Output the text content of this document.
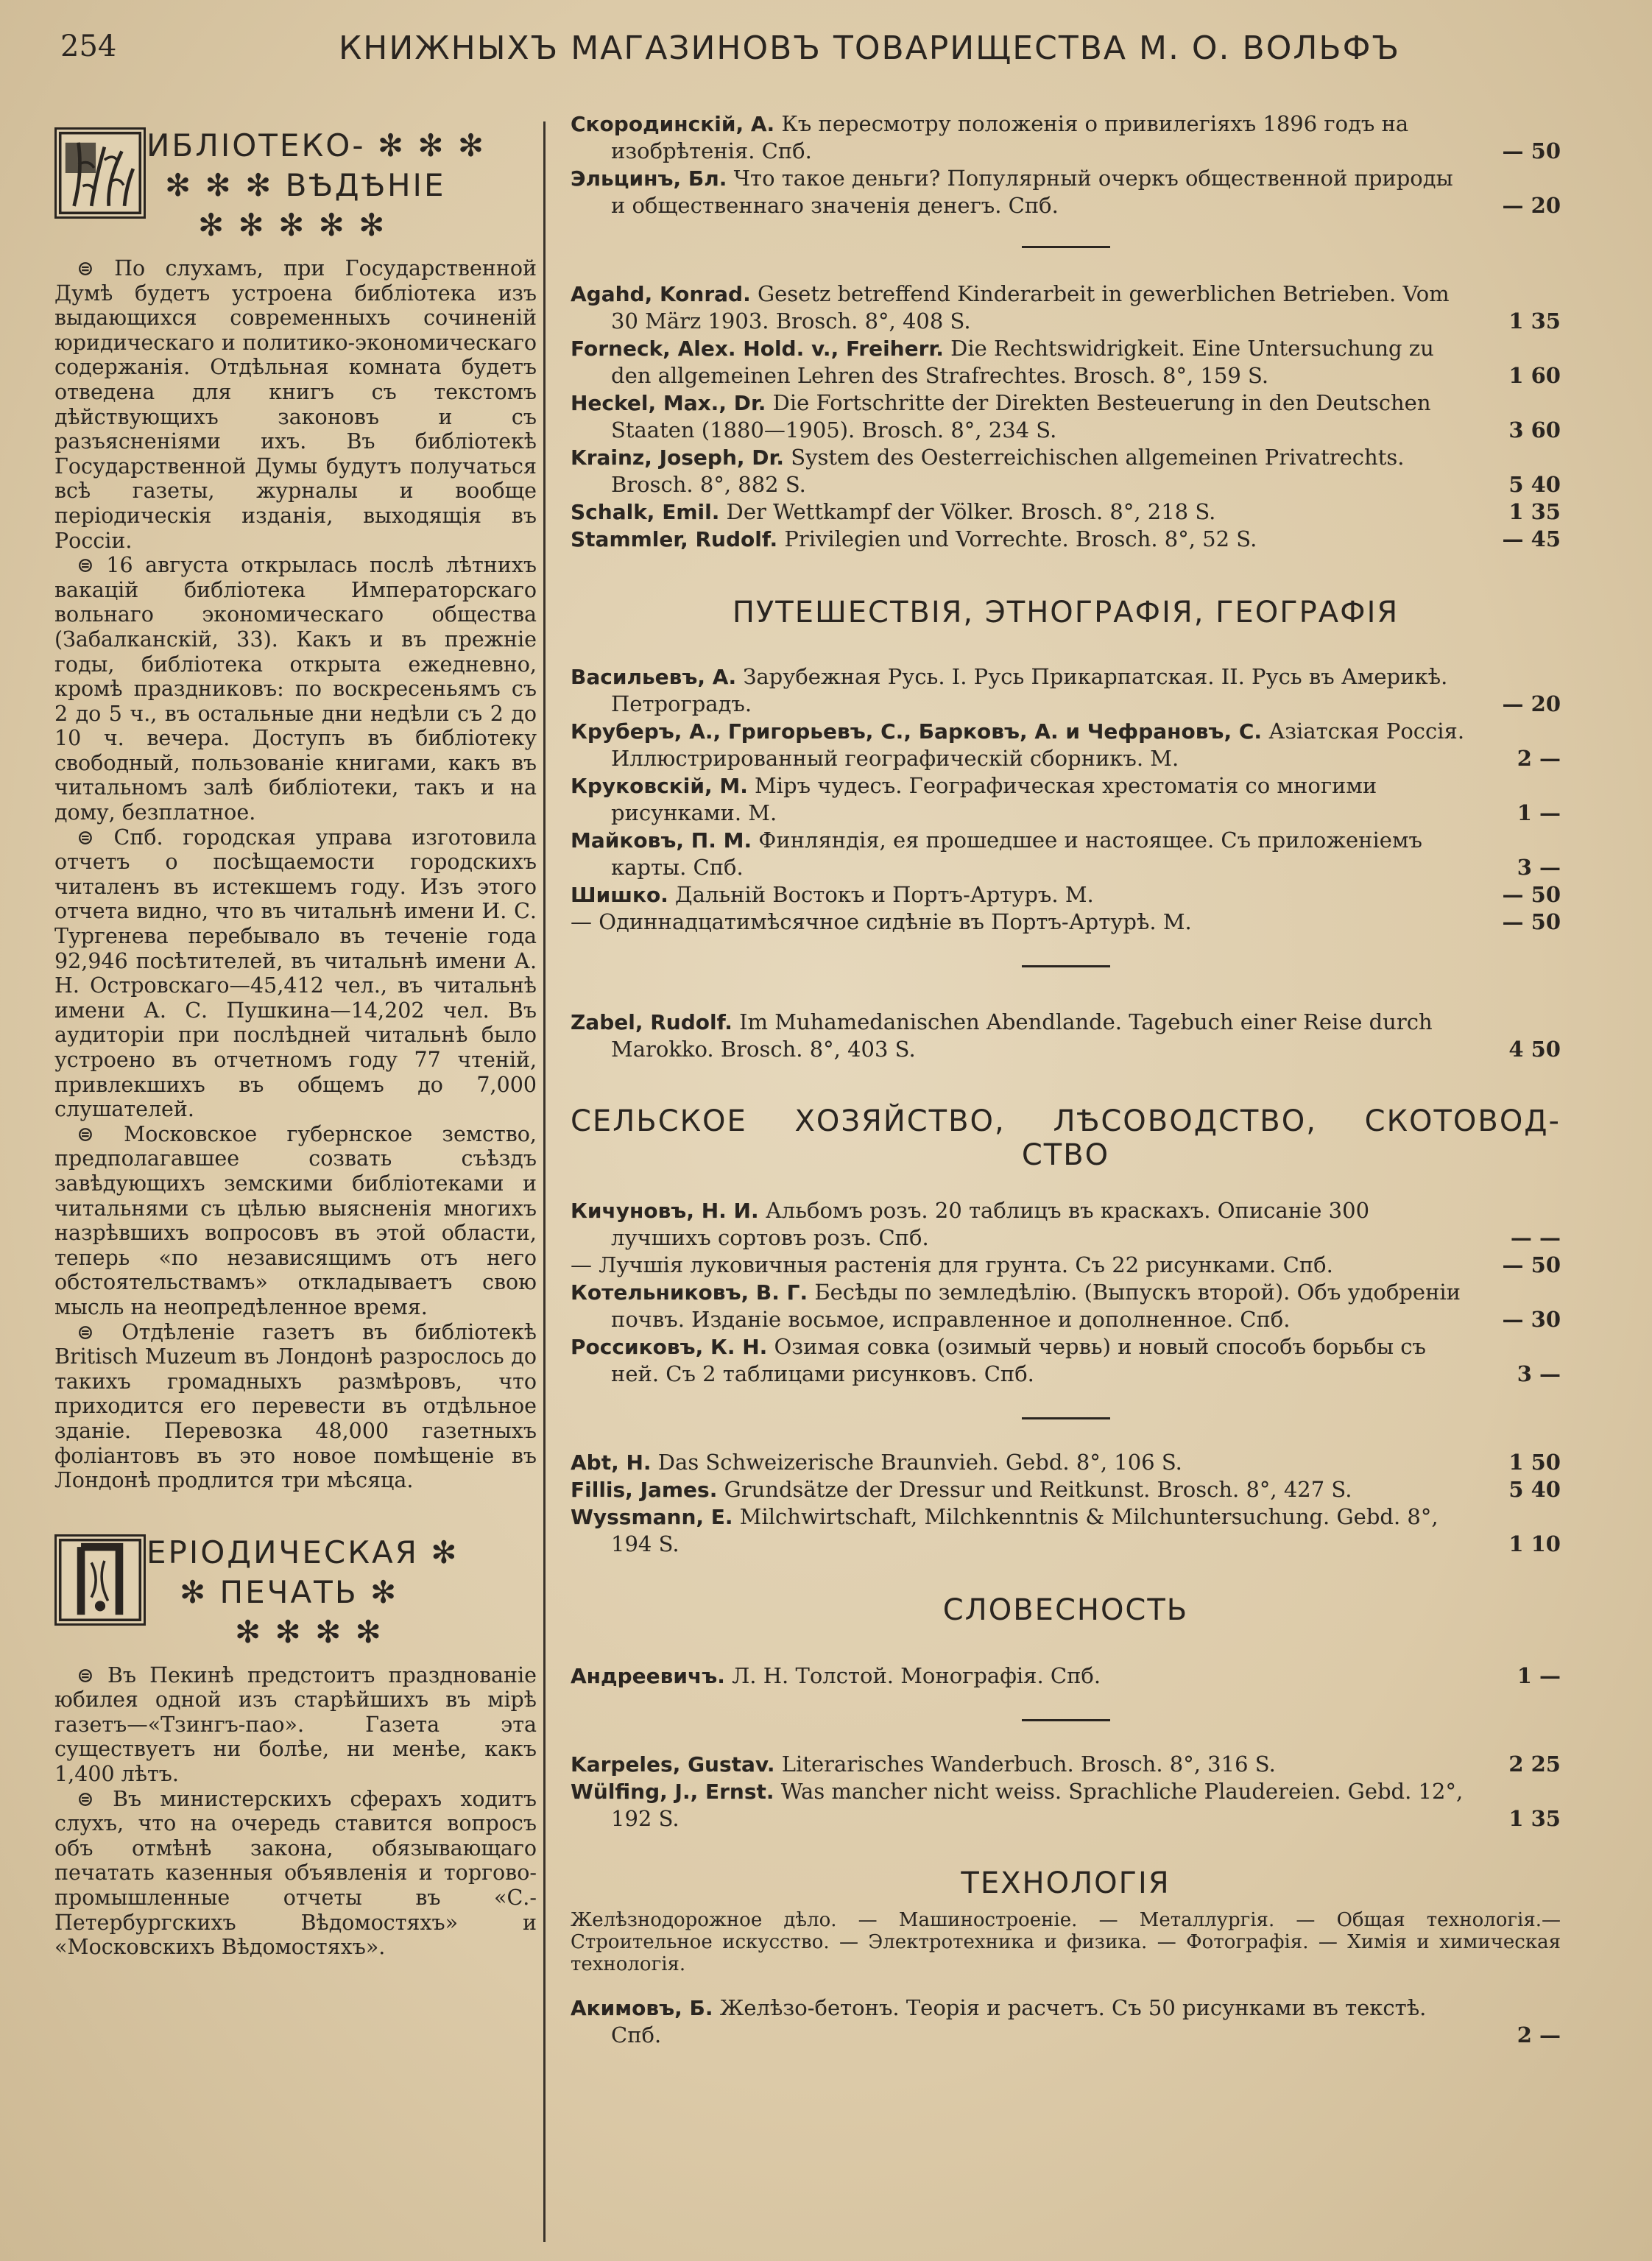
254	КНИЖНЫХЪ МАГАЗИНОВЪ ТОВАРИЩЕСТВА М. О. ВОЛЬФЪ
ИБЛІОТЕКО- ✻ ✻ ✻
✻ ✻ ✻ ВѢДѢНІЕ
✻ ✻ ✻ ✻ ✻

⊜ По слухамъ, при Государственной Думѣ будетъ устроена библіотека изъ выдающихся современныхъ сочиненій юридическаго и политико-экономическаго содержанія. Отдѣльная комната будетъ отведена для книгъ съ текстомъ дѣйствующихъ законовъ и съ разъясненіями ихъ. Въ библіотекѣ Государственной Думы будутъ получаться всѣ газеты, журналы и вообще періодическія изданія, выходящія въ Россіи.

⊜ 16 августа открылась послѣ лѣтнихъ вакацій библіотека Императорскаго вольнаго экономическаго общества (Забалканскій, 33). Какъ и въ прежніе годы, библіотека открыта ежедневно, кромѣ праздниковъ: по воскресеньямъ съ 2 до 5 ч., въ остальные дни недѣли съ 2 до 10 ч. вечера. Доступъ въ библіотеку свободный, пользованіе книгами, какъ въ читальномъ залѣ библіотеки, такъ и на дому, безплатное.

⊜ Спб. городская управа изготовила отчетъ о посѣщаемости городскихъ читаленъ въ истекшемъ году. Изъ этого отчета видно, что въ читальнѣ имени И. С. Тургенева перебывало въ теченіе года 92,946 посѣтителей, въ читальнѣ имени А. Н. Островскаго—45,412 чел., въ читальнѣ имени А. С. Пушкина—14,202 чел. Въ аудиторіи при послѣдней читальнѣ было устроено въ отчетномъ году 77 чтеній, привлекшихъ въ общемъ до 7,000 слушателей.

⊜ Московское губернское земство, предполагавшее созвать съѣздъ завѣдующихъ земскими библіотеками и читальнями съ цѣлью выясненія многихъ назрѣвшихъ вопросовъ въ этой области, теперь «по независящимъ отъ него обстоятельствамъ» откладываетъ свою мысль на неопредѣленное время.

⊜ Отдѣленіе газетъ въ библіотекѣ Britisch Muzeum въ Лондонѣ разрослось до такихъ громадныхъ размѣровъ, что приходится его перевести въ отдѣльное зданіе. Перевозка 48,000 газетныхъ фоліантовъ въ это новое помѣщеніе въ Лондонѣ продлится три мѣсяца.

ЕРІОДИЧЕСКАЯ ✻
✻ ПЕЧАТЬ ✻
✻ ✻ ✻ ✻

⊜ Въ Пекинѣ предстоитъ празднованіе юбилея одной изъ старѣйшихъ въ мірѣ газетъ—«Тзингъ-пао». Газета эта существуетъ ни болѣе, ни менѣе, какъ 1,400 лѣтъ.

⊜ Въ министерскихъ сферахъ ходитъ слухъ, что на очередь ставится вопросъ объ отмѣнѣ закона, обязывающаго печатать казенныя объявленія и торгово-промышленные отчеты въ «С.-Петербургскихъ Вѣдомостяхъ» и «Московскихъ Вѣдомостяхъ».

Скородинскій, А. Къ пересмотру положенія о привилегіяхъ 1896 годъ на изобрѣтенія. Спб.	— 50

Эльцинъ, Бл. Что такое деньги? Популярный очеркъ общественной природы и общественнаго значенія денегъ. Спб.	— 20

Agahd, Konrad. Gesetz betreffend Kinderarbeit in gewerblichen Betrieben. Vom 30 März 1903. Brosch. 8°, 408 S.	1 35

Forneck, Alex. Hold. v., Freiherr. Die Rechtswidrigkeit. Eine Untersuchung zu den allgemeinen Lehren des Strafrechtes. Brosch. 8°, 159 S.	1 60

Heckel, Max., Dr. Die Fortschritte der Direkten Besteuerung in den Deutschen Staaten (1880—1905). Brosch. 8°, 234 S.	3 60

Krainz, Joseph, Dr. System des Oesterreichischen allgemeinen Privatrechts. Brosch. 8°, 882 S.	5 40

Schalk, Emil. Der Wettkampf der Völker. Brosch. 8°, 218 S.	1 35

Stammler, Rudolf. Privilegien und Vorrechte. Brosch. 8°, 52 S.	— 45

ПУТЕШЕСТВІЯ, ЭТНОГРАФІЯ, ГЕОГРАФІЯ

Васильевъ, А. Зарубежная Русь. I. Русь Прикарпатская. II. Русь въ Америкѣ. Петроградъ.	— 20

Круберъ, А., Григорьевъ, С., Барковъ, А. и Чефрановъ, С. Азіатская Россія. Иллюстрированный географическій сборникъ. М.	2 —

Круковскій, М. Міръ чудесъ. Географическая хрестоматія со многими рисунками. М.	1 —

Майковъ, П. М. Финляндія, ея прошедшее и настоящее. Съ приложеніемъ карты. Спб.	3 —

Шишко. Дальній Востокъ и Портъ-Артуръ. М.	— 50

— Одиннадцатимѣсячное сидѣніе въ Портъ-Артурѣ. М.	— 50

Zabel, Rudolf. Im Muhamedanischen Abendlande. Tagebuch einer Reise durch Marokko. Brosch. 8°, 403 S.	4 50

СЕЛЬСКОЕ ХОЗЯЙСТВО, ЛѢСОВОДСТВО, СКОТОВОД-

СТВО

Кичуновъ, Н. И. Альбомъ розъ. 20 таблицъ въ краскахъ. Описаніе 300 лучшихъ сортовъ розъ. Спб.	— —

— Лучшія луковичныя растенія для грунта. Съ 22 рисунками. Спб.	— 50

Котельниковъ, В. Г. Бесѣды по земледѣлію. (Выпускъ второй). Объ удобреніи почвъ. Изданіе восьмое, исправленное и дополненное. Спб.	— 30

Россиковъ, К. Н. Озимая совка (озимый червь) и новый способъ борьбы съ ней. Съ 2 таблицами рисунковъ. Спб.	3 —

Abt, H. Das Schweizerische Braunvieh. Gebd. 8°, 106 S.	1 50

Fillis, James. Grundsätze der Dressur und Reitkunst. Brosch. 8°, 427 S.	5 40

Wyssmann, E. Milchwirtschaft, Milchkenntnis & Milchuntersuchung. Gebd. 8°, 194 S.	1 10

СЛОВЕСНОСТЬ

Андреевичъ. Л. Н. Толстой. Монографія. Спб.	1 —

Karpeles, Gustav. Literarisches Wanderbuch. Brosch. 8°, 316 S.	2 25

Wülfing, J., Ernst. Was mancher nicht weiss. Sprachliche Plaudereien. Gebd. 12°, 192 S.	1 35

ТЕХНОЛОГІЯ

Желѣзнодорожное дѣло. — Машиностроеніе. — Металлургія. — Общая технологія.— Строительное искусство. — Электротехника и физика. — Фотографія. — Химія и химическая технологія.

Акимовъ, Б. Желѣзо-бетонъ. Теорія и расчетъ. Съ 50 рисунками въ текстѣ. Спб.	2 —
